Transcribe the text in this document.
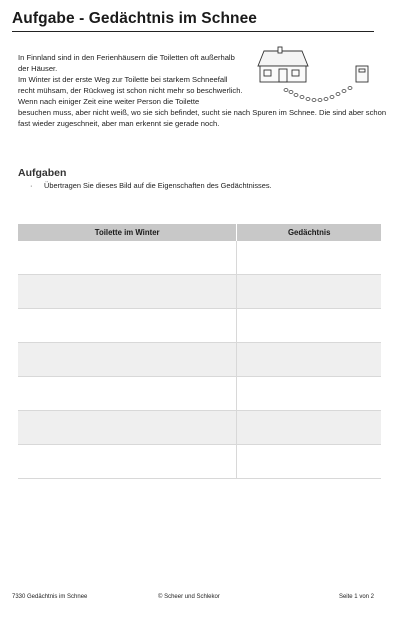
Aufgabe - Gedächtnis im Schnee

In Finnland sind in den Ferienhäusern die Toiletten oft außerhalb der Häuser.

Im Winter ist der erste Weg zur Toilette bei starkem Schneefall recht mühsam, der Rückweg ist schon nicht mehr so beschwerlich.

Wenn nach einiger Zeit eine weiter Person die Toilette

besuchen muss, aber nicht weiß, wo sie sich befindet, sucht sie nach Spuren im Schnee. Die sind aber schon fast wieder zugeschneit, aber man erkennt sie gerade noch.

Aufgaben
· Übertragen Sie dieses Bild auf die Eigenschaften des Gedächtnisses.
Toilette im Winter	Gedächtnis

7330 Gedächtnis im Schnee	© Scheer und Schlekor	Seite 1 von 2
